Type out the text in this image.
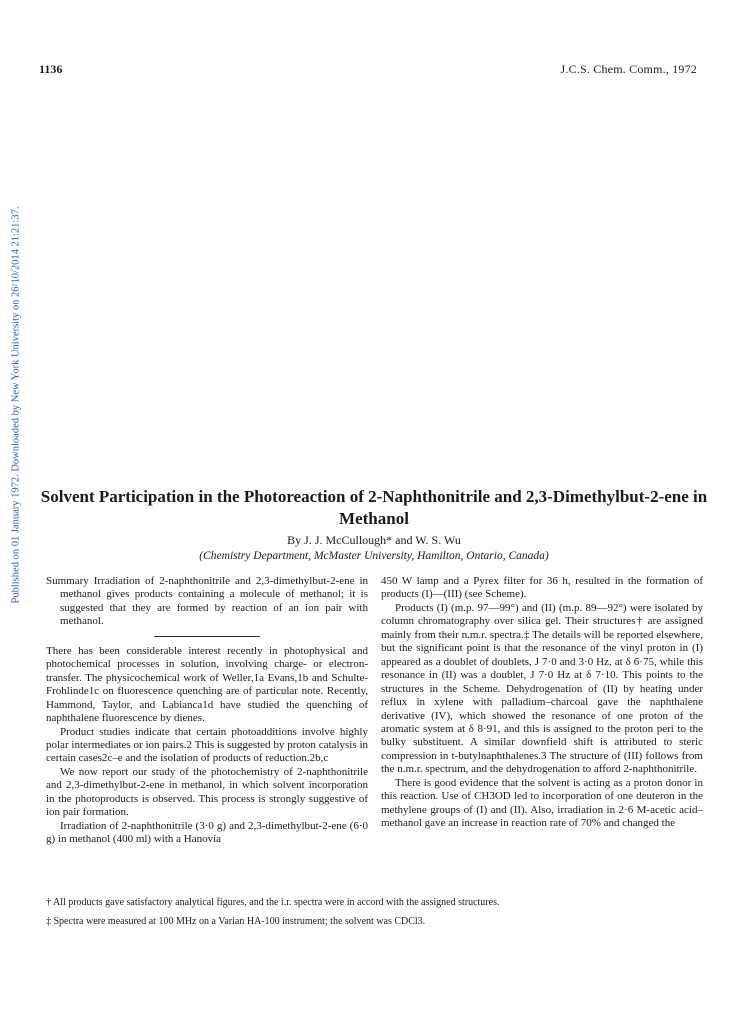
1136	J.C.S. Chem. Comm., 1972
Published on 01 January 1972. Downloaded by New York University on 26/10/2014 21:21:37. Solvent Participation in the Photoreaction of 2-Naphthonitrile and 2,3-Dimethylbut-2-ene in Methanol
By J. J. McCullough* and W. S. Wu
(Chemistry Department, McMaster University, Hamilton, Ontario, Canada)

Summary Irradiation of 2-naphthonitrile and 2,3-dimethylbut-2-ene in methanol gives products containing a molecule of methanol; it is suggested that they are formed by reaction of an ion pair with methanol.

There has been considerable interest recently in photophysical and photochemical processes in solution, involving charge- or electron-transfer. The physicochemical work of Weller,1a Evans,1b and Schulte-Frohlinde1c on fluorescence quenching are of particular note. Recently, Hammond, Taylor, and Labianca1d have studied the quenching of naphthalene fluorescence by dienes.

Product studies indicate that certain photoadditions involve highly polar intermediates or ion pairs.2 This is suggested by proton catalysis in certain cases2c–e and the isolation of products of reduction.2b,c

We now report our study of the photochemistry of 2-naphthonitrile and 2,3-dimethylbut-2-ene in methanol, in which solvent incorporation in the photoproducts is observed. This process is strongly suggestive of ion pair formation.

Irradiation of 2-naphthonitrile (3·0 g) and 2,3-dimethylbut-2-ene (6·0 g) in methanol (400 ml) with a Hanovia

450 W lamp and a Pyrex filter for 36 h, resulted in the formation of products (I)—(III) (see Scheme).

Products (I) (m.p. 97—99°) and (II) (m.p. 89—92°) were isolated by column chromatography over silica gel. Their structures† are assigned mainly from their n.m.r. spectra.‡ The details will be reported elsewhere, but the significant point is that the resonance of the vinyl proton in (I) appeared as a doublet of doublets, J 7·0 and 3·0 Hz, at δ 6·75, while this resonance in (II) was a doublet, J 7·0 Hz at δ 7·10. This points to the structures in the Scheme. Dehydrogenation of (II) by heating under reflux in xylene with palladium–charcoal gave the naphthalene derivative (IV), which showed the resonance of one proton of the aromatic system at δ 8·91, and this is assigned to the proton peri to the bulky substituent. A similar downfield shift is attributed to steric compression in t-butylnaphthalenes.3 The structure of (III) follows from the n.m.r. spectrum, and the dehydrogenation to afford 2-naphthonitrile.

There is good evidence that the solvent is acting as a proton donor in this reaction. Use of CH3OD led to incorporation of one deuteron in the methylene groups of (I) and (II). Also, irradiation in 2·6 M-acetic acid–methanol gave an increase in reaction rate of 70% and changed the

† All products gave satisfactory analytical figures, and the i.r. spectra were in accord with the assigned structures.

‡ Spectra were measured at 100 MHz on a Varian HA-100 instrument; the solvent was CDCl3.
